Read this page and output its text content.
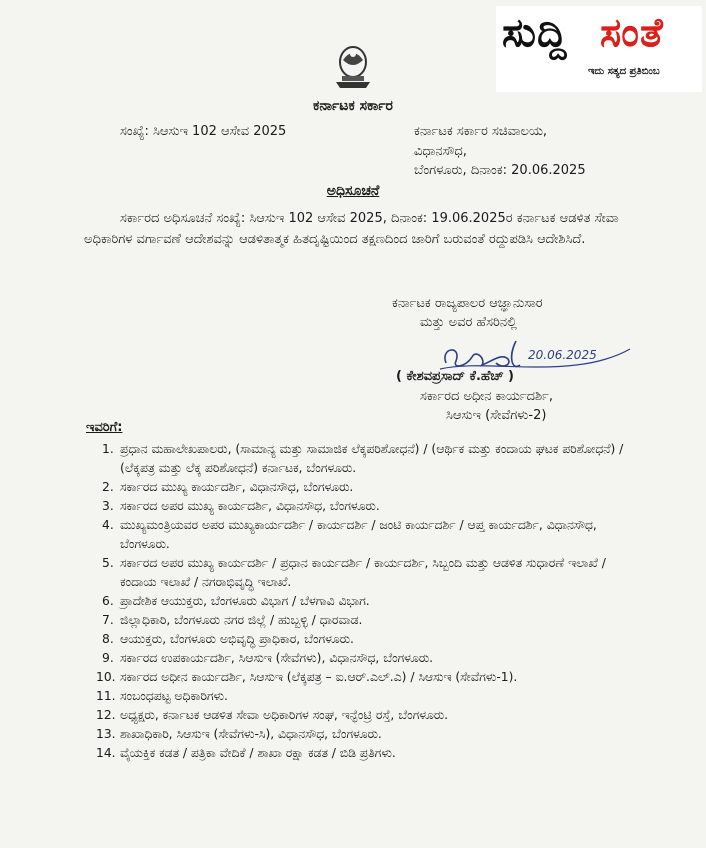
ಸುದ್ದಿ ಸಂತೆ
ಇದು ಸತ್ಯದ ಪ್ರತಿಬಿಂಬ
ಕರ್ನಾಟಕ ಸರ್ಕಾರ
ಸಂಖ್ಯೆ: ಸಿಆಸುಇ 102 ಆಸೇವ 2025	ಕರ್ನಾಟಕ ಸರ್ಕಾರ ಸಚಿವಾಲಯ,
ವಿಧಾನಸೌಧ,
ಬೆಂಗಳೂರು, ದಿನಾಂಕ: 20.06.2025
ಅಧಿಸೂಚನೆ
ಸರ್ಕಾರದ ಅಧಿಸೂಚನೆ ಸಂಖ್ಯೆ: ಸಿಆಸುಇ 102 ಆಸೇವ 2025, ದಿನಾಂಕ: 19.06.2025ರ ಕರ್ನಾಟಕ ಆಡಳಿತ ಸೇವಾ ಅಧಿಕಾರಿಗಳ ವರ್ಗಾವಣೆ ಆದೇಶವನ್ನು ಆಡಳಿತಾತ್ಮಕ ಹಿತದೃಷ್ಟಿಯಿಂದ ತಕ್ಷಣದಿಂದ ಜಾರಿಗೆ ಬರುವಂತೆ ರದ್ದುಪಡಿಸಿ ಆದೇಶಿಸಿದೆ.
ಕರ್ನಾಟಕ ರಾಜ್ಯಪಾಲರ ಆಜ್ಞಾನುಸಾರ
ಮತ್ತು ಅವರ ಹೆಸರಿನಲ್ಲಿ
20.06.2025
( ಕೇಶವಪ್ರಸಾದ್ ಕೆ.ಹೆಚ್ )
ಸರ್ಕಾರದ ಅಧೀನ ಕಾರ್ಯದರ್ಶಿ,
ಸಿಆಸುಇ (ಸೇವೆಗಳು-2)
ಇವರಿಗೆ:
1. ಪ್ರಧಾನ ಮಹಾಲೇಖಪಾಲರು, (ಸಾಮಾನ್ಯ ಮತ್ತು ಸಾಮಾಜಿಕ ಲೆಕ್ಕಪರಿಶೋಧನೆ) / (ಆರ್ಥಿಕ ಮತ್ತು ಕಂದಾಯ ಘಟಕ ಪರಿಶೋಧನೆ) / (ಲೆಕ್ಕಪತ್ರ ಮತ್ತು ಲೆಕ್ಕ ಪರಿಶೋಧನೆ) ಕರ್ನಾಟಕ, ಬೆಂಗಳೂರು.
2. ಸರ್ಕಾರದ ಮುಖ್ಯ ಕಾರ್ಯದರ್ಶಿ, ವಿಧಾನಸೌಧ, ಬೆಂಗಳೂರು.
3. ಸರ್ಕಾರದ ಅಪರ ಮುಖ್ಯ ಕಾರ್ಯದರ್ಶಿ, ವಿಧಾನಸೌಧ, ಬೆಂಗಳೂರು.
4. ಮುಖ್ಯಮಂತ್ರಿಯವರ ಅಪರ ಮುಖ್ಯಕಾರ್ಯದರ್ಶಿ / ಕಾರ್ಯದರ್ಶಿ / ಜಂಟಿ ಕಾರ್ಯದರ್ಶಿ / ಆಪ್ತ ಕಾರ್ಯದರ್ಶಿ, ವಿಧಾನಸೌಧ, ಬೆಂಗಳೂರು.
5. ಸರ್ಕಾರದ ಅಪರ ಮುಖ್ಯ ಕಾರ್ಯದರ್ಶಿ / ಪ್ರಧಾನ ಕಾರ್ಯದರ್ಶಿ / ಕಾರ್ಯದರ್ಶಿ, ಸಿಬ್ಬಂದಿ ಮತ್ತು ಆಡಳಿತ ಸುಧಾರಣೆ ಇಲಾಖೆ / ಕಂದಾಯ ಇಲಾಖೆ / ನಗರಾಭಿವೃದ್ಧಿ ಇಲಾಖೆ.
6. ಪ್ರಾದೇಶಿಕ ಆಯುಕ್ತರು, ಬೆಂಗಳೂರು ವಿಭಾಗ / ಬೆಳಗಾವಿ ವಿಭಾಗ.
7. ಜಿಲ್ಲಾಧಿಕಾರಿ, ಬೆಂಗಳೂರು ನಗರ ಜಿಲ್ಲೆ / ಹುಬ್ಬಳ್ಳಿ / ಧಾರವಾಡ.
8. ಆಯುಕ್ತರು, ಬೆಂಗಳೂರು ಅಭಿವೃದ್ಧಿ ಪ್ರಾಧಿಕಾರ, ಬೆಂಗಳೂರು.
9. ಸರ್ಕಾರದ ಉಪಕಾರ್ಯದರ್ಶಿ, ಸಿಆಸುಇ (ಸೇವೆಗಳು), ವಿಧಾನಸೌಧ, ಬೆಂಗಳೂರು.
10. ಸರ್ಕಾರದ ಅಧೀನ ಕಾರ್ಯದರ್ಶಿ, ಸಿಆಸುಇ (ಲೆಕ್ಕಪತ್ರ – ಐ.ಆರ್.ಎಲ್.ಎ) / ಸಿಆಸುಇ (ಸೇವೆಗಳು-1).
11. ಸಂಬಂಧಪಟ್ಟ ಅಧಿಕಾರಿಗಳು.
12. ಅಧ್ಯಕ್ಷರು, ಕರ್ನಾಟಕ ಆಡಳಿತ ಸೇವಾ ಅಧಿಕಾರಿಗಳ ಸಂಘ, ಇನ್ಫೆಂಟ್ರಿ ರಸ್ತೆ, ಬೆಂಗಳೂರು.
13. ಶಾಖಾಧಿಕಾರಿ, ಸಿಆಸುಇ (ಸೇವೆಗಳು-ಸಿ), ವಿಧಾನಸೌಧ, ಬೆಂಗಳೂರು.
14. ವೈಯಕ್ತಿಕ ಕಡತ / ಪತ್ರಿಕಾ ವೇದಿಕೆ / ಶಾಖಾ ರಕ್ಷಾ ಕಡತ / ಬಿಡಿ ಪ್ರತಿಗಳು.
